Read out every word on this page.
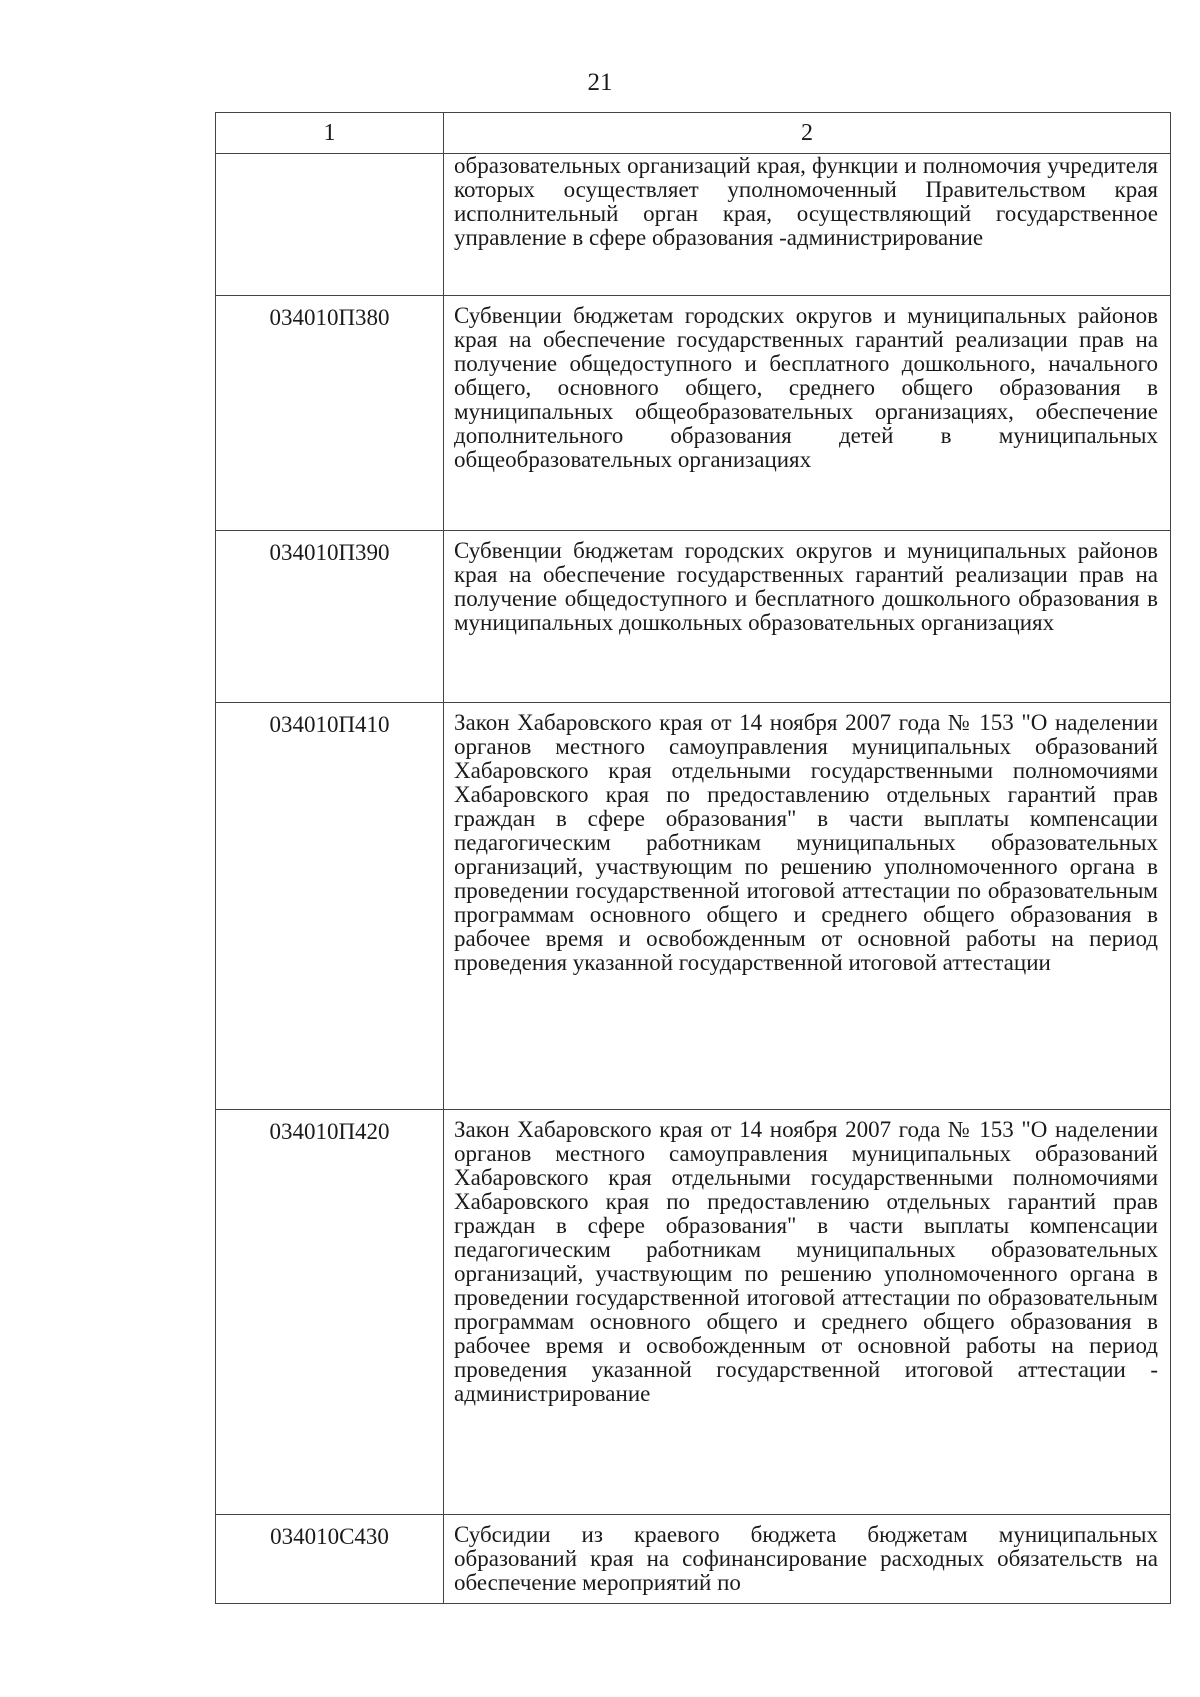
21
1	2
	образовательных организаций края, функции и полномочия учредителя которых осуществляет уполномоченный Правительством края исполнительный орган края, осуществляющий государственное управление в сфере образования -администрирование
034010П380	Субвенции бюджетам городских округов и муниципальных районов края на обеспечение государственных гарантий реализации прав на получение общедоступного и бесплатного дошкольного, начального общего, основного общего, среднего общего образования в муниципальных общеобразовательных организациях, обеспечение дополнительного образования детей в муниципальных общеобразовательных организациях
034010П390	Субвенции бюджетам городских округов и муниципальных районов края на обеспечение государственных гарантий реализации прав на получение общедоступного и бесплатного дошкольного образования в муниципальных дошкольных образовательных организациях
034010П410	Закон Хабаровского края от 14 ноября 2007 года № 153 "О наделении органов местного самоуправления муниципальных образований Хабаровского края отдельными государственными полномочиями Хабаровского края по предоставлению отдельных гарантий прав граждан в сфере образования" в части выплаты компенсации педагогическим работникам муниципальных образовательных организаций, участвующим по решению уполномоченного органа в проведении государственной итоговой аттестации по образовательным программам основного общего и среднего общего образования в рабочее время и освобожденным от основной работы на период проведения указанной государственной итоговой аттестации
034010П420	Закон Хабаровского края от 14 ноября 2007 года № 153 "О наделении органов местного самоуправления муниципальных образований Хабаровского края отдельными государственными полномочиями Хабаровского края по предоставлению отдельных гарантий прав граждан в сфере образования" в части выплаты компенсации педагогическим работникам муниципальных образовательных организаций, участвующим по решению уполномоченного органа в проведении государственной итоговой аттестации по образовательным программам основного общего и среднего общего образования в рабочее время и освобожденным от основной работы на период проведения указанной государственной итоговой аттестации - администрирование
034010С430	Субсидии из краевого бюджета бюджетам муниципальных образований края на софинансирование расходных обязательств на обеспечение мероприятий по
